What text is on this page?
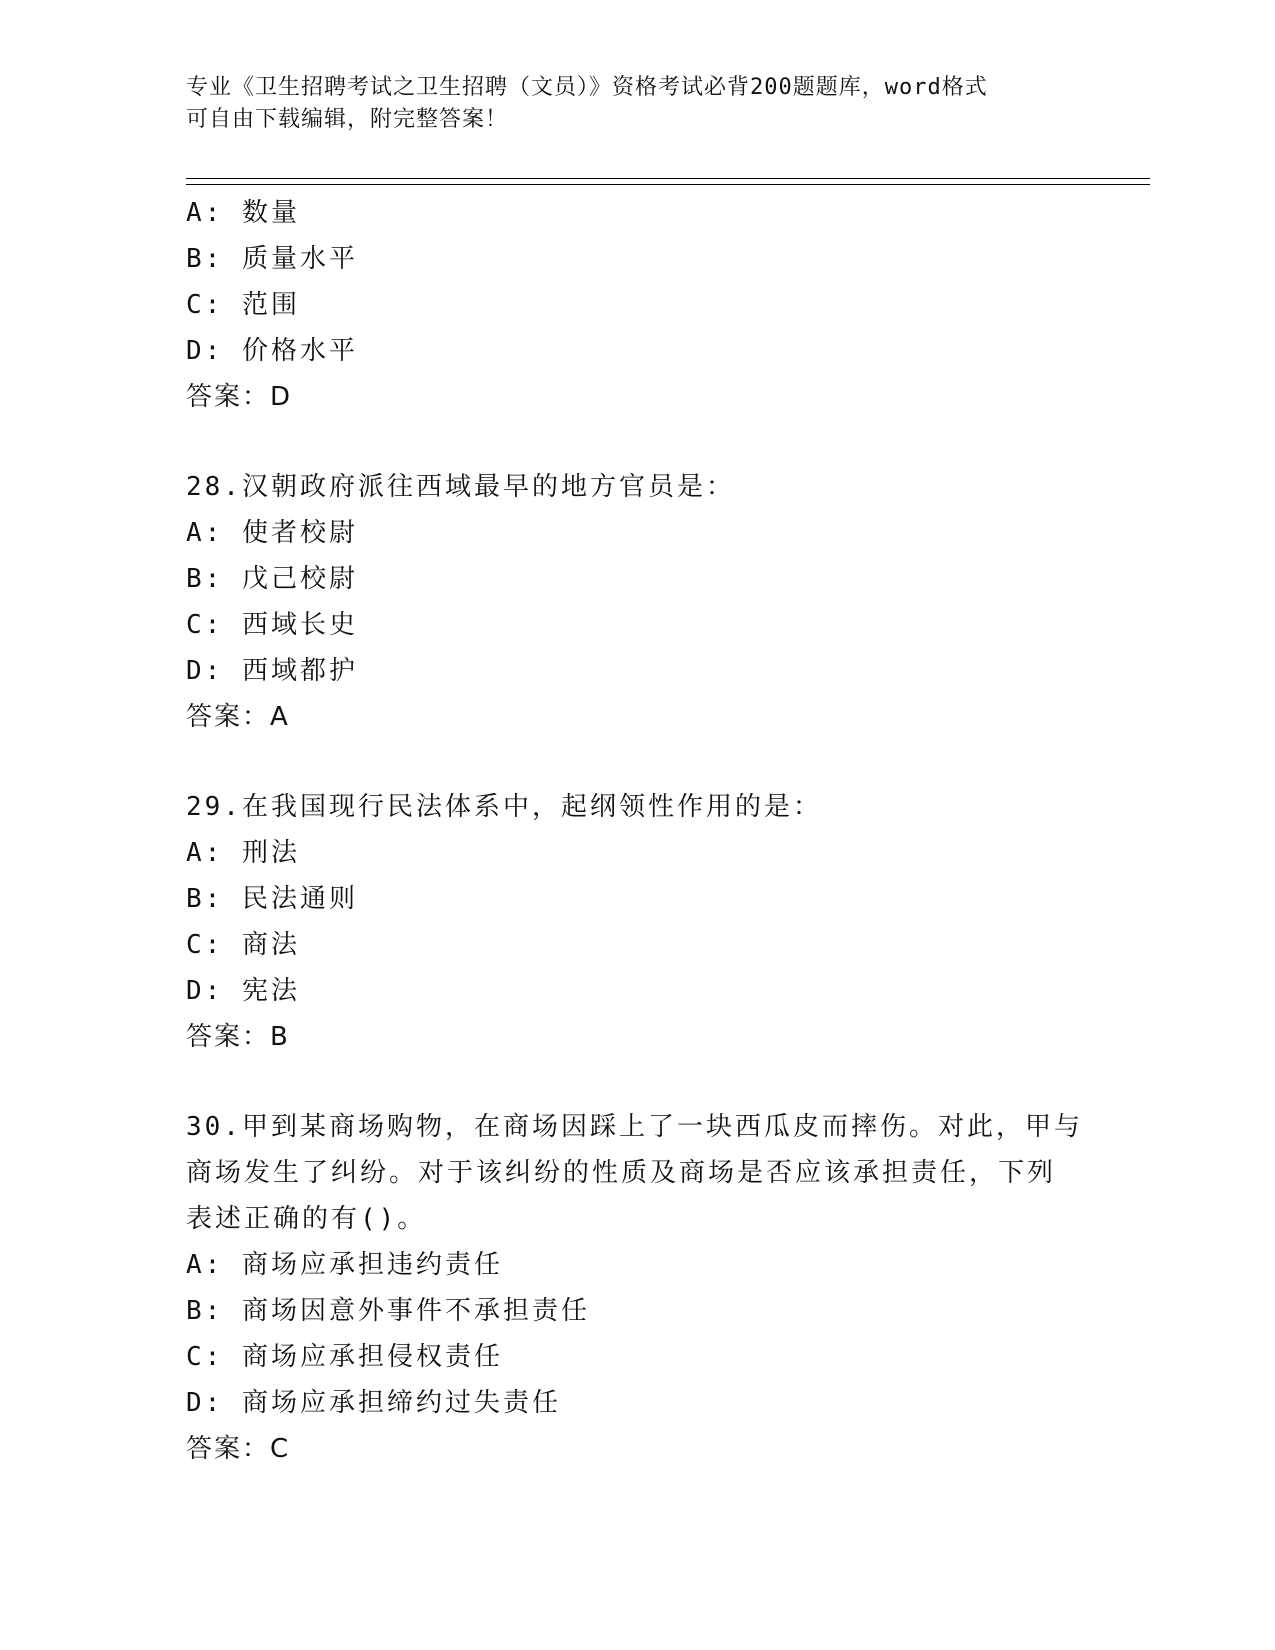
专业《卫生招聘考试之卫生招聘（文员）》资格考试必背200题题库，word格式
可自由下载编辑，附完整答案！
A: 数量
B: 质量水平
C: 范围
D: 价格水平
答案：D
28.汉朝政府派往西域最早的地方官员是：
A: 使者校尉
B: 戊己校尉
C: 西域长史
D: 西域都护
答案：A
29.在我国现行民法体系中，起纲领性作用的是：
A: 刑法
B: 民法通则
C: 商法
D: 宪法
答案：B
30.甲到某商场购物，在商场因踩上了一块西瓜皮而摔伤。对此，甲与
商场发生了纠纷。对于该纠纷的性质及商场是否应该承担责任，下列
表述正确的有()。
A: 商场应承担违约责任
B: 商场因意外事件不承担责任
C: 商场应承担侵权责任
D: 商场应承担缔约过失责任
答案：C
